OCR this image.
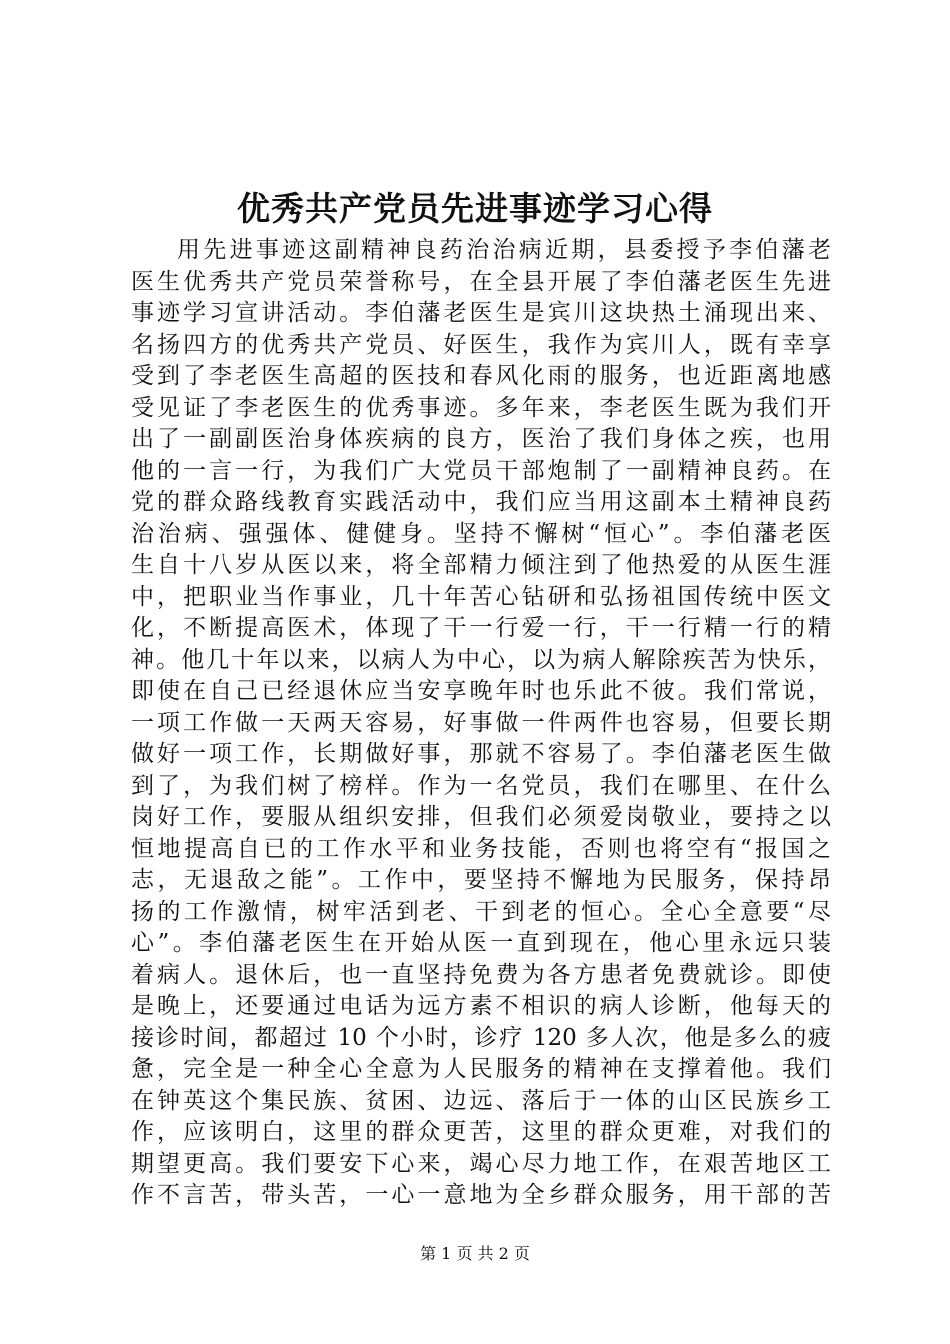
优秀共产党员先进事迹学习心得
用先进事迹这副精神良药治治病近期，县委授予李伯藩老
医生优秀共产党员荣誉称号，在全县开展了李伯藩老医生先进
事迹学习宣讲活动。李伯藩老医生是宾川这块热土涌现出来、
名扬四方的优秀共产党员、好医生，我作为宾川人，既有幸享
受到了李老医生高超的医技和春风化雨的服务，也近距离地感
受见证了李老医生的优秀事迹。多年来，李老医生既为我们开
出了一副副医治身体疾病的良方，医治了我们身体之疾，也用
他的一言一行，为我们广大党员干部炮制了一副精神良药。在
党的群众路线教育实践活动中，我们应当用这副本土精神良药
治治病、强强体、健健身。坚持不懈树“恒心”。李伯藩老医
生自十八岁从医以来，将全部精力倾注到了他热爱的从医生涯
中，把职业当作事业，几十年苦心钻研和弘扬祖国传统中医文
化，不断提高医术，体现了干一行爱一行，干一行精一行的精
神。他几十年以来，以病人为中心，以为病人解除疾苦为快乐，
即使在自己已经退休应当安享晚年时也乐此不彼。我们常说，
一项工作做一天两天容易，好事做一件两件也容易，但要长期
做好一项工作，长期做好事，那就不容易了。李伯藩老医生做
到了，为我们树了榜样。作为一名党员，我们在哪里、在什么
岗好工作，要服从组织安排，但我们必须爱岗敬业，要持之以
恒地提高自已的工作水平和业务技能，否则也将空有“报国之
志，无退敌之能”。工作中，要坚持不懈地为民服务，保持昂
扬的工作激情，树牢活到老、干到老的恒心。全心全意要“尽
心”。李伯藩老医生在开始从医一直到现在，他心里永远只装
着病人。退休后，也一直坚持免费为各方患者免费就诊。即使
是晚上，还要通过电话为远方素不相识的病人诊断，他每天的
接诊时间，都超过 10 个小时，诊疗 120 多人次，他是多么的疲
惫，完全是一种全心全意为人民服务的精神在支撑着他。我们
在钟英这个集民族、贫困、边远、落后于一体的山区民族乡工
作，应该明白，这里的群众更苦，这里的群众更难，对我们的
期望更高。我们要安下心来，竭心尽力地工作，在艰苦地区工
作不言苦，带头苦，一心一意地为全乡群众服务，用干部的苦
第 1 页 共 2 页
